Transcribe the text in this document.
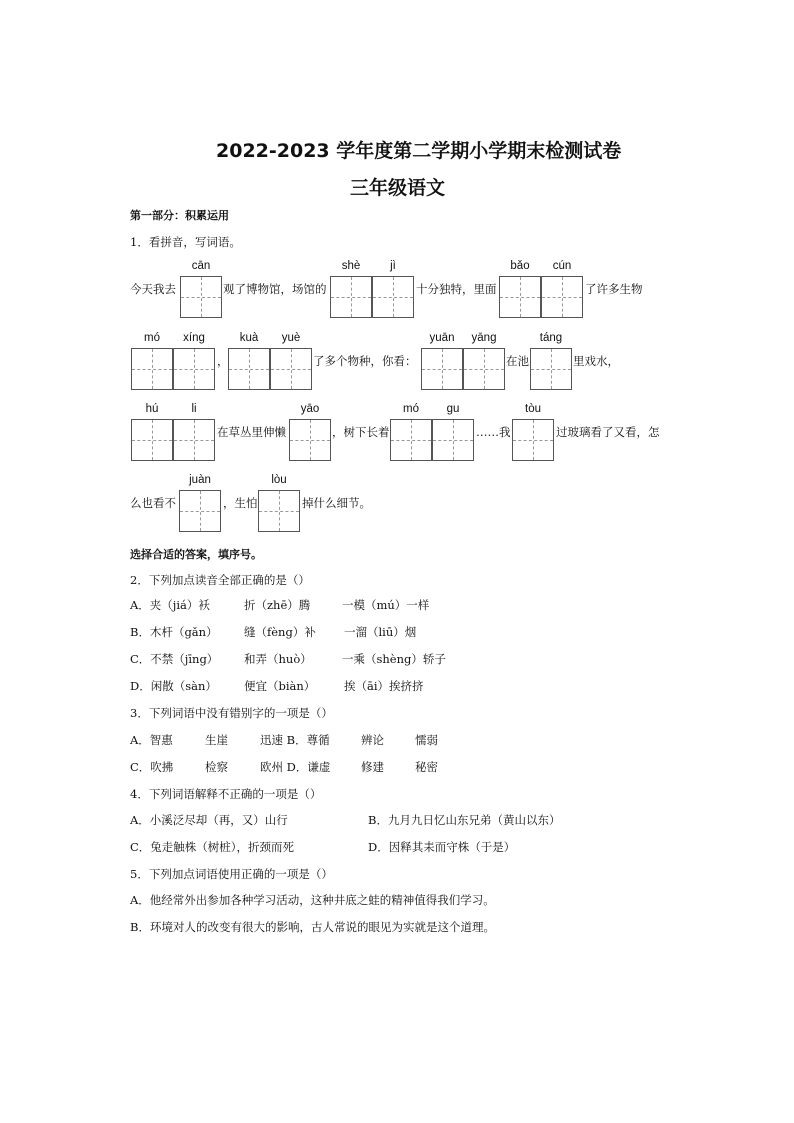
2022-2023 学年度第二学期小学期末检测试卷
三年级语文
第一部分：积累运用
1．看拼音，写词语。
cān	shè	jì	bǎo	cún
今天我去	观了博物馆，场馆的	十分独特，里面	了许多生物
mó	xíng	kuà	yuè	yuān	yāng	táng
，	了多个物种，你看：	在池	里戏水，
hú	li	yāo	mó	gu	tòu
在草丛里伸懒	，树下长着	……我	过玻璃看了又看，怎
juàn	lòu
么也看不	，生怕	掉什么细节。
选择合适的答案，填序号。
2．下列加点读音全部正确的是（）
A．夹（jiá）袄	折（zhē）腾	一模（mú）一样
B．木杆（gǎn） 缝（fèng）补 一溜（liū）烟
C．不禁（jīng） 和弄（huò）	一乘（shèng）轿子
D．闲散（sàn） 便宜（biàn） 挨（āi）挨挤挤
3．下列词语中没有错别字的一项是（）
A．智惠	生崖	迅速 B．尊循	辨论	懦弱
C．吹拂	检察	欧州 D．谦虚	修建	秘密
4．下列词语解释不正确的一项是（）
A．小溪泛尽却（再，又）山行	B．九月九日忆山东兄弟（黄山以东）
C．兔走触株（树桩），折颈而死	D．因释其耒而守株（于是）
5．下列加点词语使用正确的一项是（）
A．他经常外出参加各种学习活动，这种井底之蛙的精神值得我们学习。
B．环境对人的改变有很大的影响，古人常说的眼见为实就是这个道理。
